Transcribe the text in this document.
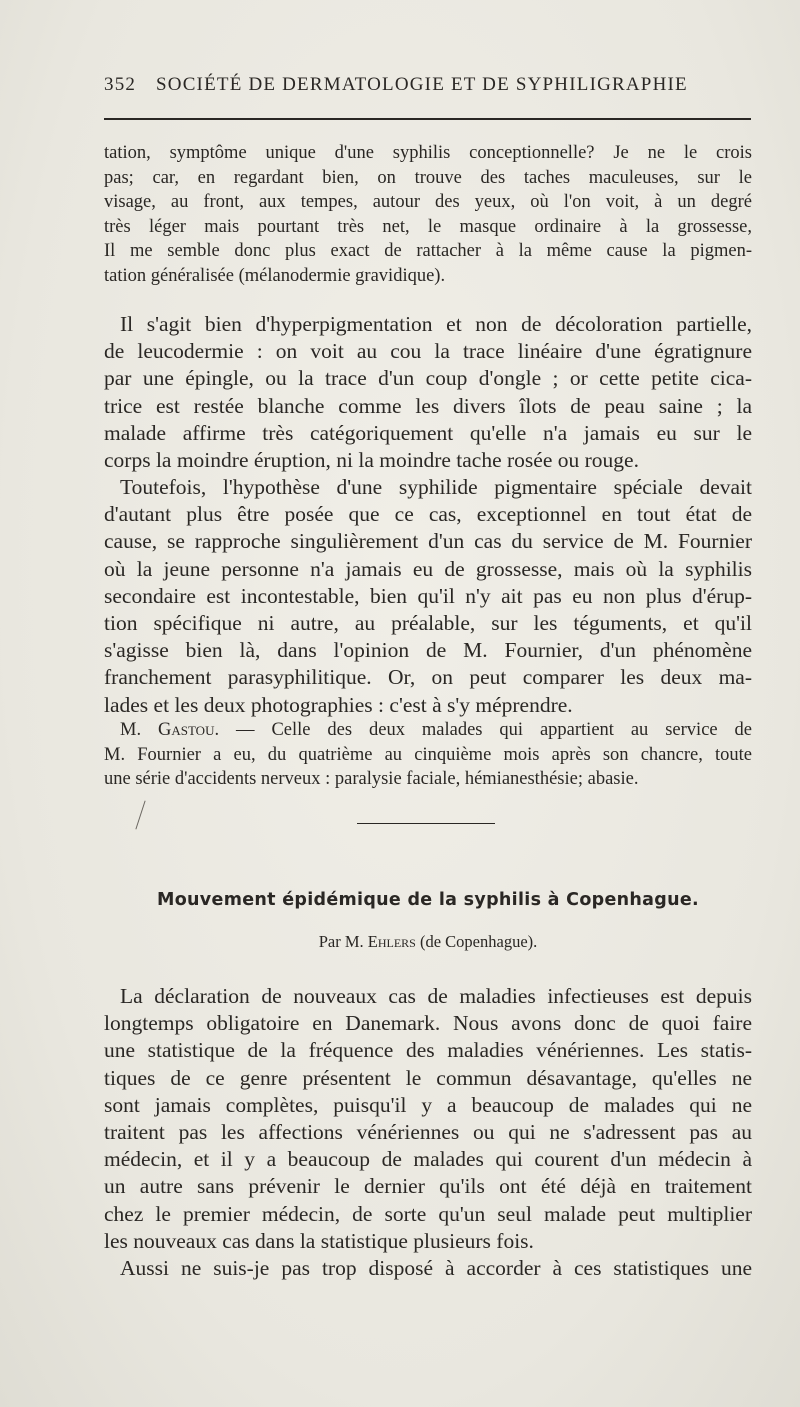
352 SOCIÉTÉ DE DERMATOLOGIE ET DE SYPHILIGRAPHIE
tation, symptôme unique d'une syphilis conceptionnelle? Je ne le crois
pas; car, en regardant bien, on trouve des taches maculeuses, sur le
visage, au front, aux tempes, autour des yeux, où l'on voit, à un degré
très léger mais pourtant très net, le masque ordinaire à la grossesse,
Il me semble donc plus exact de rattacher à la même cause la pigmen-
tation généralisée (mélanodermie gravidique).
Il s'agit bien d'hyperpigmentation et non de décoloration partielle,
de leucodermie : on voit au cou la trace linéaire d'une égratignure
par une épingle, ou la trace d'un coup d'ongle ; or cette petite cica-
trice est restée blanche comme les divers îlots de peau saine ; la
malade affirme très catégoriquement qu'elle n'a jamais eu sur le
corps la moindre éruption, ni la moindre tache rosée ou rouge.
Toutefois, l'hypothèse d'une syphilide pigmentaire spéciale devait
d'autant plus être posée que ce cas, exceptionnel en tout état de
cause, se rapproche singulièrement d'un cas du service de M. Fournier
où la jeune personne n'a jamais eu de grossesse, mais où la syphilis
secondaire est incontestable, bien qu'il n'y ait pas eu non plus d'érup-
tion spécifique ni autre, au préalable, sur les téguments, et qu'il
s'agisse bien là, dans l'opinion de M. Fournier, d'un phénomène
franchement parasyphilitique. Or, on peut comparer les deux ma-
lades et les deux photographies : c'est à s'y méprendre.
M. Gastou. — Celle des deux malades qui appartient au service de
M. Fournier a eu, du quatrième au cinquième mois après son chancre, toute
une série d'accidents nerveux : paralysie faciale, hémianesthésie; abasie.
Mouvement épidémique de la syphilis à Copenhague.
Par M. Ehlers (de Copenhague).
La déclaration de nouveaux cas de maladies infectieuses est depuis
longtemps obligatoire en Danemark. Nous avons donc de quoi faire
une statistique de la fréquence des maladies vénériennes. Les statis-
tiques de ce genre présentent le commun désavantage, qu'elles ne
sont jamais complètes, puisqu'il y a beaucoup de malades qui ne
traitent pas les affections vénériennes ou qui ne s'adressent pas au
médecin, et il y a beaucoup de malades qui courent d'un médecin à
un autre sans prévenir le dernier qu'ils ont été déjà en traitement
chez le premier médecin, de sorte qu'un seul malade peut multiplier
les nouveaux cas dans la statistique plusieurs fois.
Aussi ne suis-je pas trop disposé à accorder à ces statistiques une
